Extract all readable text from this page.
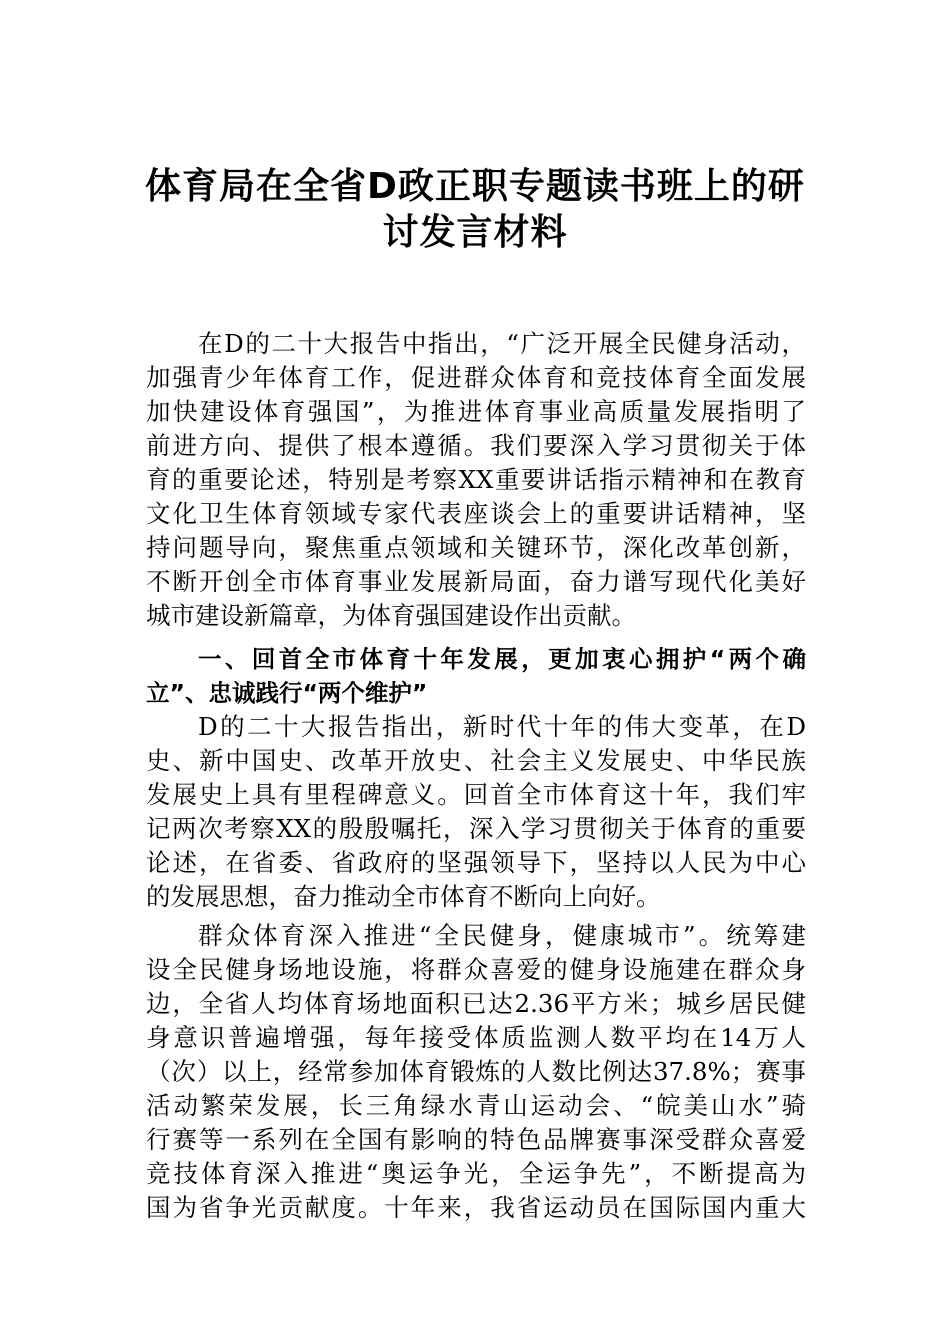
体育局在全省D政正职专题读书班上的研
讨发言材料
在D的二十大报告中指出，“广泛开展全民健身活动，
加强青少年体育工作，促进群众体育和竞技体育全面发展
加快建设体育强国”，为推进体育事业高质量发展指明了
前进方向、提供了根本遵循。我们要深入学习贯彻关于体
育的重要论述，特别是考察XX重要讲话指示精神和在教育
文化卫生体育领域专家代表座谈会上的重要讲话精神，坚
持问题导向，聚焦重点领域和关键环节，深化改革创新，
不断开创全市体育事业发展新局面，奋力谱写现代化美好
城市建设新篇章，为体育强国建设作出贡献。
一、回首全市体育十年发展，更加衷心拥护“两个确
立”、忠诚践行“两个维护”
D的二十大报告指出，新时代十年的伟大变革，在D
史、新中国史、改革开放史、社会主义发展史、中华民族
发展史上具有里程碑意义。回首全市体育这十年，我们牢
记两次考察XX的殷殷嘱托，深入学习贯彻关于体育的重要
论述，在省委、省政府的坚强领导下，坚持以人民为中心
的发展思想，奋力推动全市体育不断向上向好。
群众体育深入推进“全民健身，健康城市”。统筹建
设全民健身场地设施，将群众喜爱的健身设施建在群众身
边，全省人均体育场地面积已达2.36平方米；城乡居民健
身意识普遍增强，每年接受体质监测人数平均在14万人
（次）以上，经常参加体育锻炼的人数比例达37.8%；赛事
活动繁荣发展，长三角绿水青山运动会、“皖美山水”骑
行赛等一系列在全国有影响的特色品牌赛事深受群众喜爱
竞技体育深入推进“奥运争光，全运争先”，不断提高为
国为省争光贡献度。十年来，我省运动员在国际国内重大
